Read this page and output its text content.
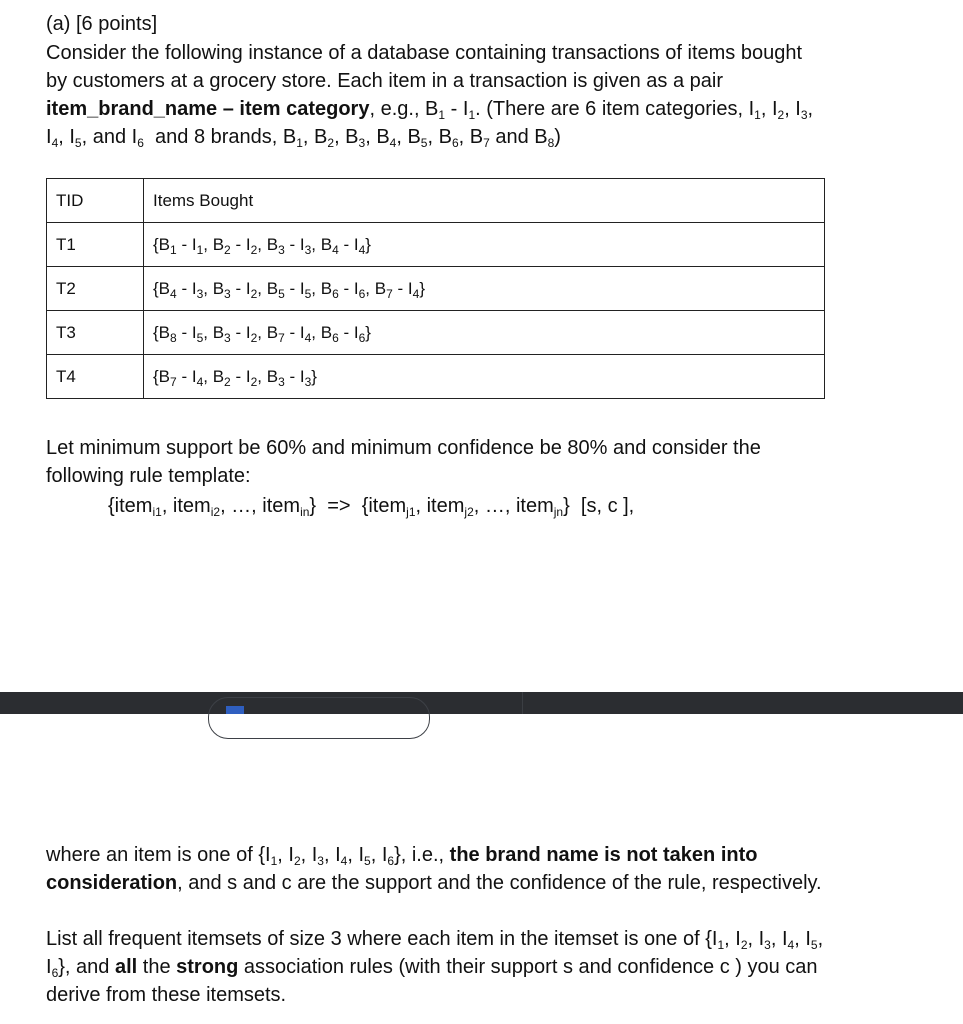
(a) [6 points]
Consider the following instance of a database containing transactions of items bought
by customers at a grocery store. Each item in a transaction is given as a pair
item_brand_name – item category, e.g., $B_1 - I_1$. (There are 6 item categories, $I_1$, $I_2$, $I_3$,
$I_4$, $I_5$, and $I_6$  and 8 brands, $B_1$, $B_2$, $B_3$, $B_4$, $B_5$, $B_6$, $B_7$ and $B_8$)
TID	Items Bought
T1	{$B_1 - I_1$, $B_2 - I_2$, $B_3 - I_3$, $B_4 - I_4$}
T2	{$B_4 - I_3$, $B_3 - I_2$, $B_5 - I_5$, $B_6 - I_6$, $B_7 - I_4$}
T3	{$B_8 - I_5$, $B_3 - I_2$, $B_7 - I_4$, $B_6 - I_6$}
T4	{$B_7 - I_4$, $B_2 - I_2$, $B_3 - I_3$}
Let minimum support be 60% and minimum confidence be 80% and consider the following rule template:
{item$_{i1}$, item$_{i2}$, …, item$_{in}$}  =>  {item$_{j1}$, item$_{j2}$, …, item$_{jn}$}  [s, c ],
where an item is one of {$I_1$, $I_2$, $I_3$, $I_4$, $I_5$, $I_6$}, i.e., the brand name is not taken into
consideration, and s and c are the support and the confidence of the rule, respectively.
List all frequent itemsets of size 3 where each item in the itemset is one of {$I_1$, $I_2$, $I_3$, $I_4$, $I_5$,
$I_6$}, and all the strong association rules (with their support s and confidence c ) you can
derive from these itemsets.
